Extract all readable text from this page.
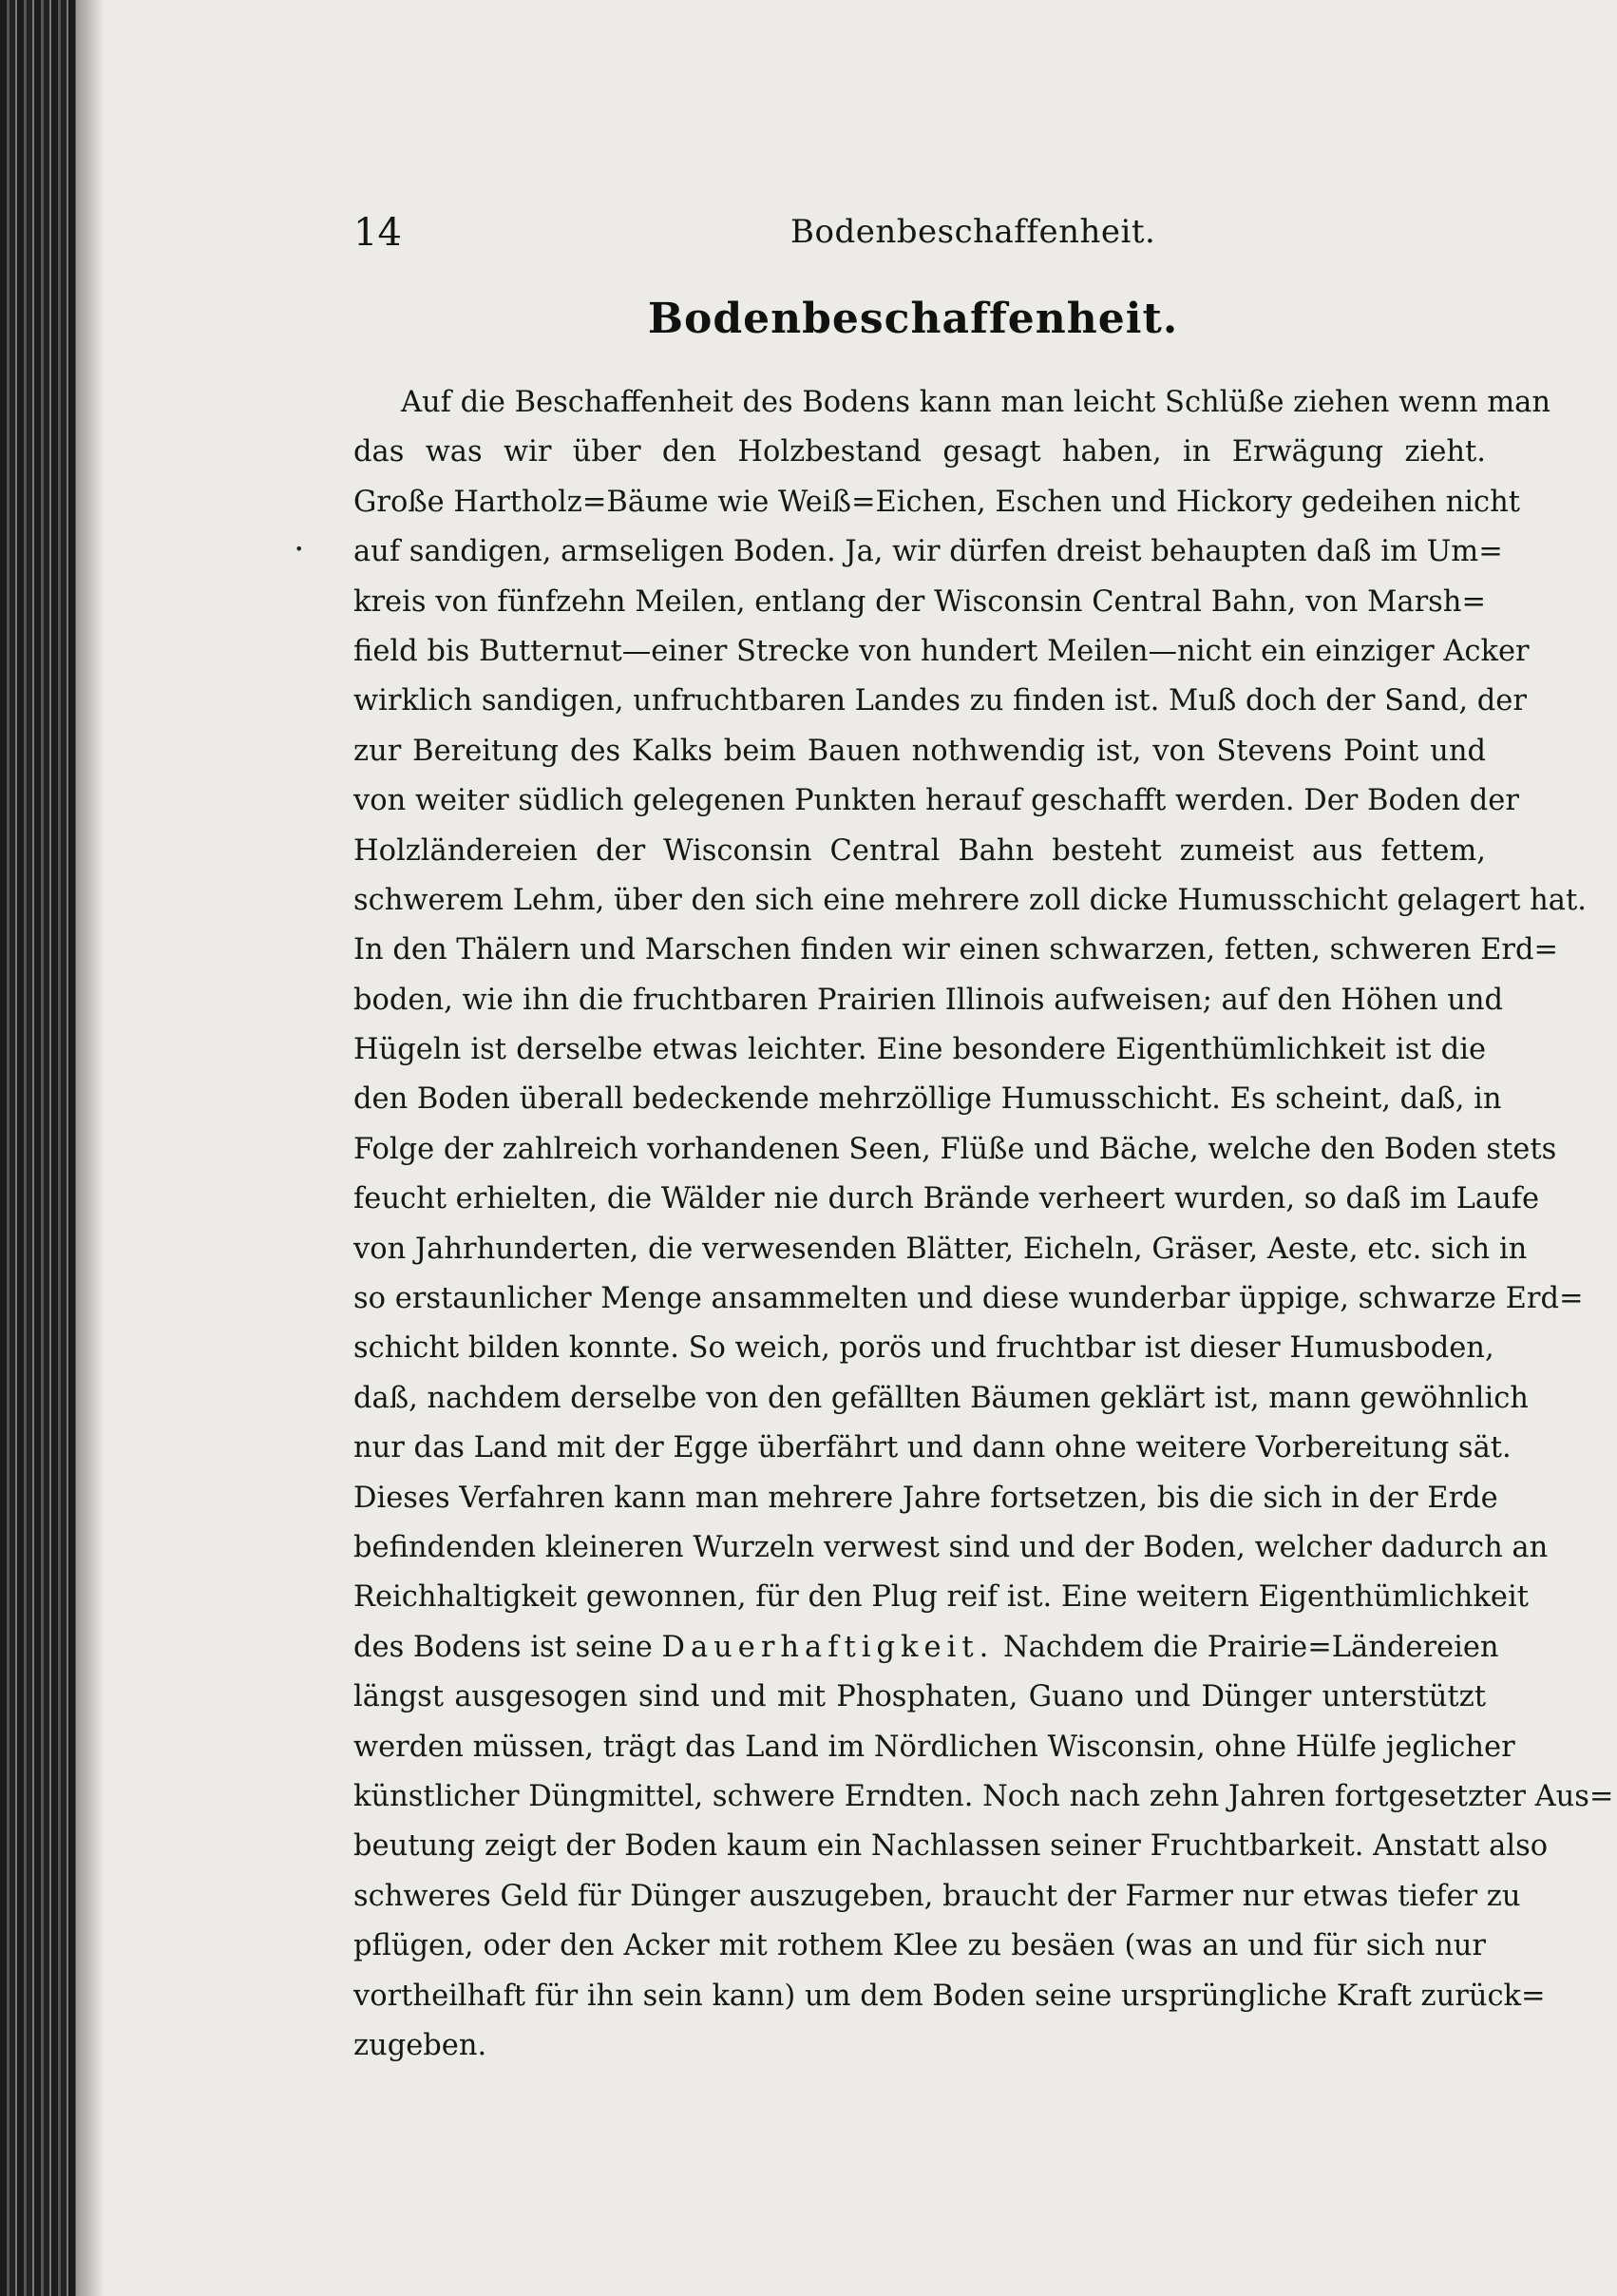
14	Bodenbeschaffenheit.
Bodenbeschaffenheit.
•
Auf die Beschaffenheit des Bodens kann man leicht Schlüße ziehen wenn man
das was wir über den Holzbestand gesagt haben, in Erwägung zieht.
Große Hartholz=Bäume wie Weiß=Eichen, Eschen und Hickory gedeihen nicht
auf sandigen, armseligen Boden. Ja, wir dürfen dreist behaupten daß im Um=
kreis von fünfzehn Meilen, entlang der Wisconsin Central Bahn, von Marsh=
field bis Butternut—einer Strecke von hundert Meilen—nicht ein einziger Acker
wirklich sandigen, unfruchtbaren Landes zu finden ist. Muß doch der Sand, der
zur Bereitung des Kalks beim Bauen nothwendig ist, von Stevens Point und
von weiter südlich gelegenen Punkten herauf geschafft werden. Der Boden der
Holzländereien der Wisconsin Central Bahn besteht zumeist aus fettem,
schwerem Lehm, über den sich eine mehrere zoll dicke Humusschicht gelagert hat.
In den Thälern und Marschen finden wir einen schwarzen, fetten, schweren Erd=
boden, wie ihn die fruchtbaren Prairien Illinois aufweisen; auf den Höhen und
Hügeln ist derselbe etwas leichter. Eine besondere Eigenthümlichkeit ist die
den Boden überall bedeckende mehrzöllige Humusschicht. Es scheint, daß, in
Folge der zahlreich vorhandenen Seen, Flüße und Bäche, welche den Boden stets
feucht erhielten, die Wälder nie durch Brände verheert wurden, so daß im Laufe
von Jahrhunderten, die verwesenden Blätter, Eicheln, Gräser, Aeste, etc. sich in
so erstaunlicher Menge ansammelten und diese wunderbar üppige, schwarze Erd=
schicht bilden konnte. So weich, porös und fruchtbar ist dieser Humusboden,
daß, nachdem derselbe von den gefällten Bäumen geklärt ist, mann gewöhnlich
nur das Land mit der Egge überfährt und dann ohne weitere Vorbereitung sät.
Dieses Verfahren kann man mehrere Jahre fortsetzen, bis die sich in der Erde
befindenden kleineren Wurzeln verwest sind und der Boden, welcher dadurch an
Reichhaltigkeit gewonnen, für den Plug reif ist. Eine weitern Eigenthümlichkeit
des Bodens ist seine Dauerhaftigkeit. Nachdem die Prairie=Ländereien
längst ausgesogen sind und mit Phosphaten, Guano und Dünger unterstützt
werden müssen, trägt das Land im Nördlichen Wisconsin, ohne Hülfe jeglicher
künstlicher Düngmittel, schwere Erndten. Noch nach zehn Jahren fortgesetzter Aus=
beutung zeigt der Boden kaum ein Nachlassen seiner Fruchtbarkeit. Anstatt also
schweres Geld für Dünger auszugeben, braucht der Farmer nur etwas tiefer zu
pflügen, oder den Acker mit rothem Klee zu besäen (was an und für sich nur
vortheilhaft für ihn sein kann) um dem Boden seine ursprüngliche Kraft zurück=
zugeben.
